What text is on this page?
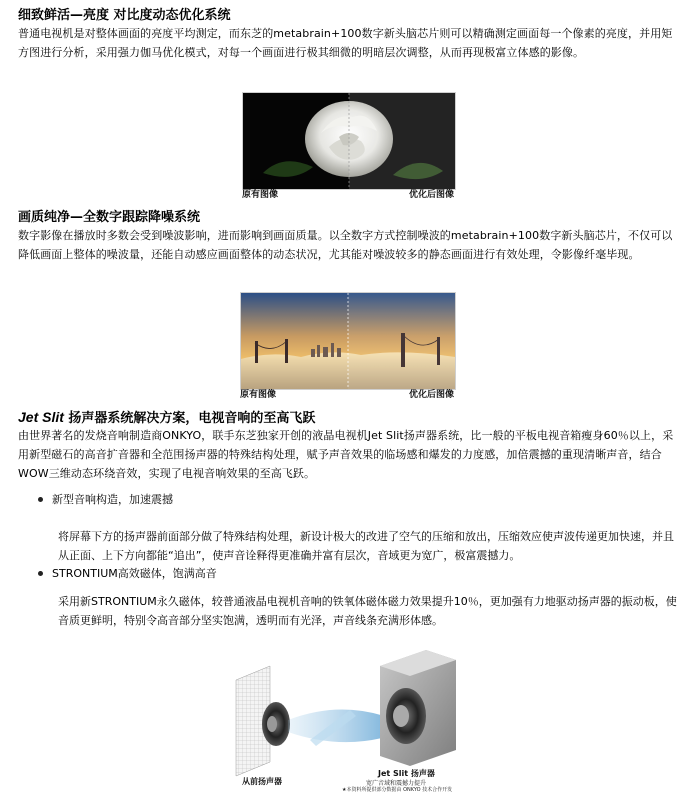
细致鲜活—亮度 对比度动态优化系统
普通电视机是对整体画面的亮度平均测定，而东芝的metabrain+100数字新头脑芯片则可以精确测定画面每一个像素的亮度，并用矩方图进行分析，采用强力伽马优化模式，对每一个画面进行极其细微的明暗层次调整，从而再现极富立体感的影像。
原有图像	优化后图像
画质纯净—全数字跟踪降噪系统
数字影像在播放时多数会受到噪波影响，进而影响到画面质量。以全数字方式控制噪波的metabrain+100数字新头脑芯片，不仅可以降低画面上整体的噪波量，还能自动感应画面整体的动态状况，尤其能对噪波较多的静态画面进行有效处理，令影像纤毫毕现。
原有图像	优化后图像
Jet Slit 扬声器系统解决方案，电视音响的至高飞跃
由世界著名的发烧音响制造商ONKYO，联手东芝独家开创的液晶电视机Jet Slit扬声器系统，比一般的平板电视音箱瘦身60％以上，采用新型磁石的高音扩音器和全范围扬声器的特殊结构处理，赋予声音效果的临场感和爆发的力度感，加倍震撼的重现清晰声音，结合WOW三维动态环绕音效，实现了电视音响效果的至高飞跃。
新型音响构造，加速震撼
将屏幕下方的扬声器前面部分做了特殊结构处理，新设计极大的改进了空气的压缩和放出，压缩效应使声波传递更加快速，并且从正面、上下方向都能“追出”，使声音诠释得更准确并富有层次，音域更为宽广，极富震撼力。
STRONTIUM高效磁体，饱满高音
采用新STRONTIUM永久磁体，较普通液晶电视机音响的铁氧体磁体磁力效果提升10％，更加强有力地驱动扬声器的振动板，使音质更鲜明，特别令高音部分坚实饱满，透明而有光泽，声音线条充满形体感。
从前扬声器
Jet Slit 扬声器
宽广音域和震撼力提升
★本资料所提供部分数据由 ONKYO 技术合作开发
